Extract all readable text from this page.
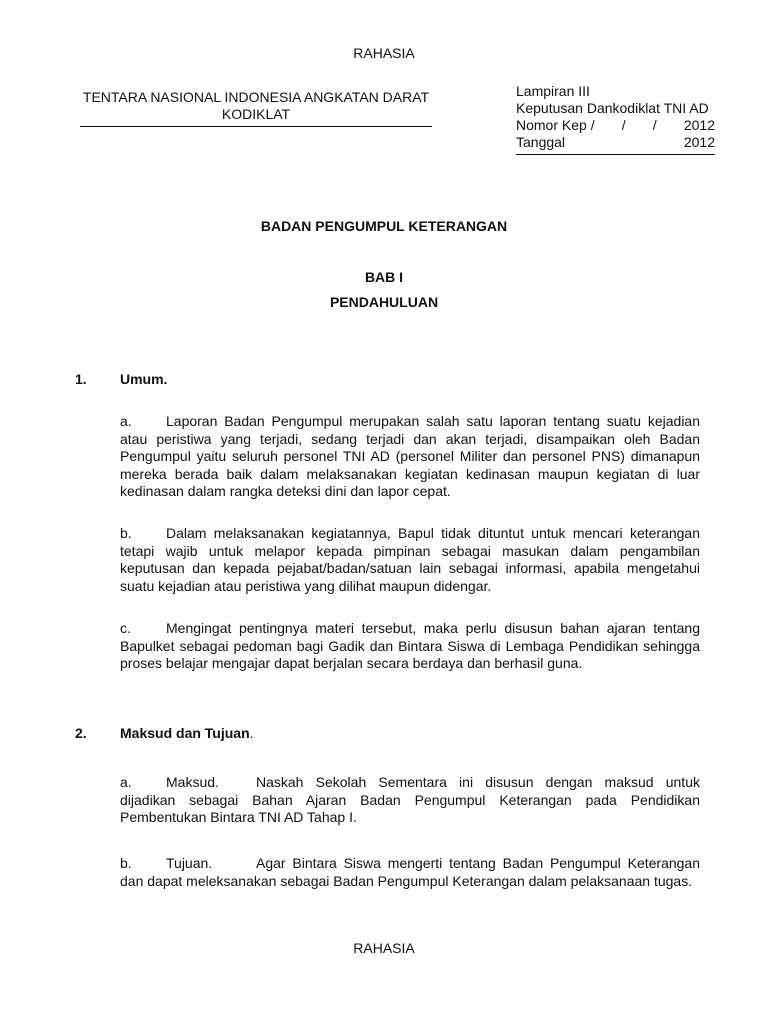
RAHASIA
TENTARA NASIONAL INDONESIA ANGKATAN DARAT
KODIKLAT
Lampiran III
Keputusan Dankodiklat TNI AD
Nomor Kep / / / 2012
Tanggal	2012
BADAN PENGUMPUL KETERANGAN
BAB I
PENDAHULUAN
1. Umum.
a. Laporan Badan Pengumpul merupakan salah satu laporan tentang suatu kejadian atau peristiwa yang terjadi, sedang terjadi dan akan terjadi, disampaikan oleh Badan Pengumpul yaitu seluruh personel TNI AD (personel Militer dan personel PNS) dimanapun mereka berada baik dalam melaksanakan kegiatan kedinasan maupun kegiatan di luar kedinasan dalam rangka deteksi dini dan lapor cepat.
b. Dalam melaksanakan kegiatannya, Bapul tidak dituntut untuk mencari keterangan tetapi wajib untuk melapor kepada pimpinan sebagai masukan dalam pengambilan keputusan dan kepada pejabat/badan/satuan lain sebagai informasi, apabila mengetahui suatu kejadian atau peristiwa yang dilihat maupun didengar.
c.	Mengingat pentingnya materi tersebut, maka perlu disusun bahan ajaran tentang Bapulket sebagai pedoman bagi Gadik dan Bintara Siswa di Lembaga Pendidikan sehingga proses belajar mengajar dapat berjalan secara berdaya dan berhasil guna.
2. Maksud dan Tujuan.
a. Maksud.	Naskah Sekolah Sementara ini disusun dengan maksud untuk dijadikan sebagai Bahan Ajaran Badan Pengumpul Keterangan pada Pendidikan Pembentukan Bintara TNI AD Tahap I.
b. Tujuan.	Agar Bintara Siswa mengerti tentang Badan Pengumpul Keterangan dan dapat meleksanakan sebagai Badan Pengumpul Keterangan dalam pelaksanaan tugas.
RAHASIA
